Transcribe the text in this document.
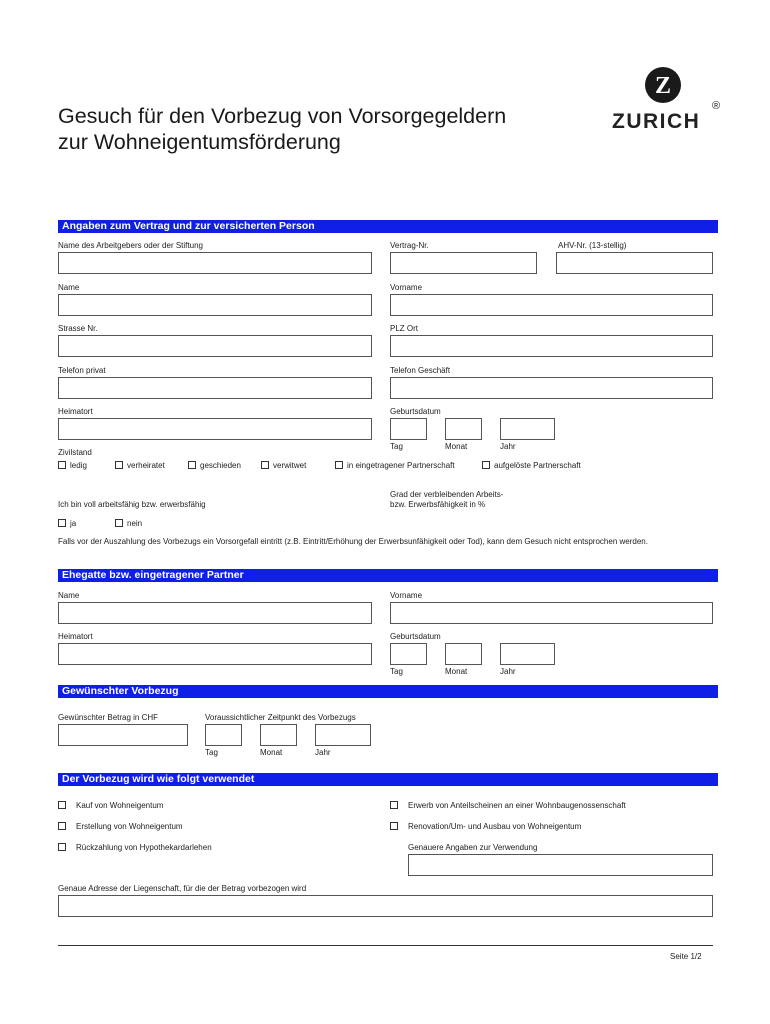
Gesuch für den Vorbezug von Vorsorgegeldern
zur Wohneigentumsförderung
Z
ZURICH
®
Angaben zum Vertrag und zur versicherten Person
Name des Arbeitgebers oder der Stiftung	Vertrag-Nr.	AHV-Nr. (13-stellig)
Name	Vorname
Strasse Nr.	PLZ Ort
Telefon privat	Telefon Geschäft
Heimatort	Geburtsdatum
Tag	Monat	Jahr
Zivilstand
ledig	verheiratet	geschieden	verwitwet	in eingetragener Partnerschaft	aufgelöste Partnerschaft
Grad der verbleibenden Arbeits-
bzw. Erwerbsfähigkeit in %
Ich bin voll arbeitsfähig bzw. erwerbsfähig
ja	nein
Falls vor der Auszahlung des Vorbezugs ein Vorsorgefall eintritt (z.B. Eintritt/Erhöhung der Erwerbsunfähigkeit oder Tod), kann dem Gesuch nicht entsprochen werden.
Ehegatte bzw. eingetragener Partner
Name	Vorname
Heimatort	Geburtsdatum
Tag	Monat	Jahr
Gewünschter Vorbezug
Gewünschter Betrag in CHF	Voraussichtlicher Zeitpunkt des Vorbezugs
Tag	Monat	Jahr
Der Vorbezug wird wie folgt verwendet
Kauf von Wohneigentum	Erwerb von Anteilscheinen an einer Wohnbaugenossenschaft
Erstellung von Wohneigentum	Renovation/Um- und Ausbau von Wohneigentum
Rückzahlung von Hypothekardarlehen	Genauere Angaben zur Verwendung
Genaue Adresse der Liegenschaft, für die der Betrag vorbezogen wird
Seite 1/2
